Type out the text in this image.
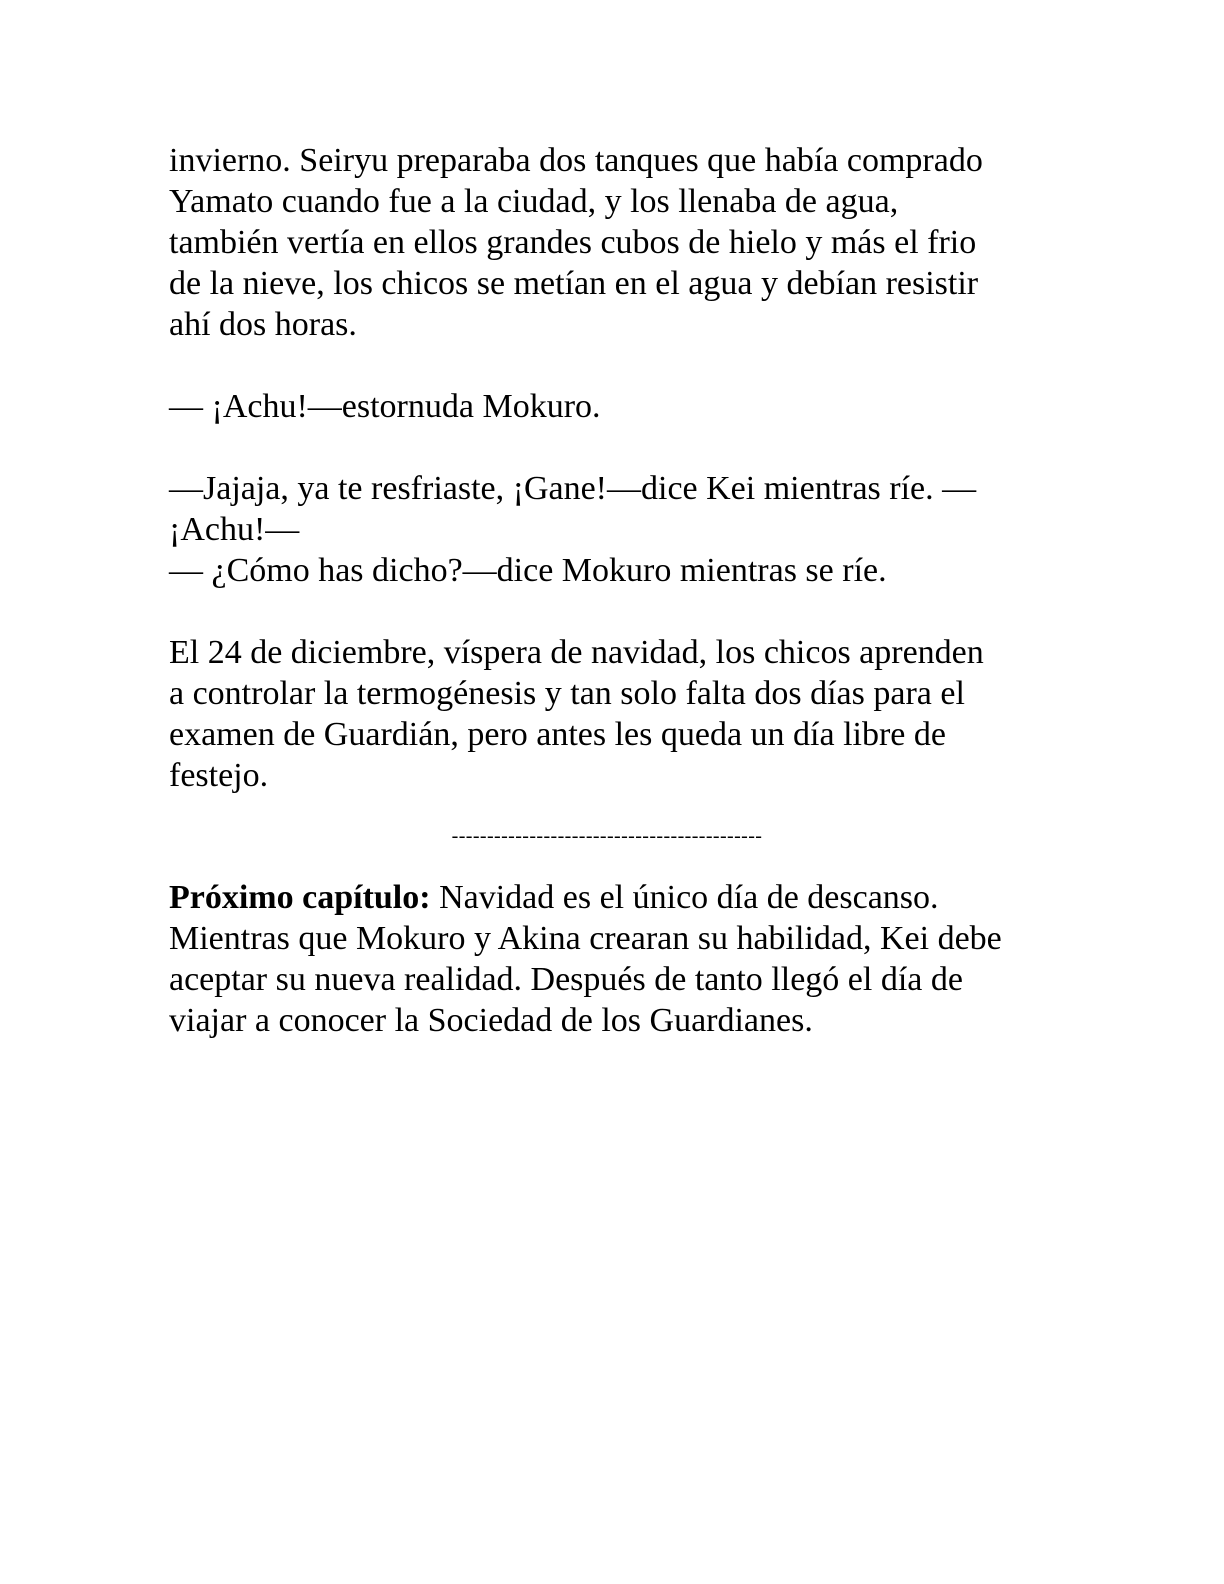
invierno. Seiryu preparaba dos tanques que había comprado
Yamato cuando fue a la ciudad, y los llenaba de agua,
también vertía en ellos grandes cubos de hielo y más el frio
de la nieve, los chicos se metían en el agua y debían resistir
ahí dos horas.

— ¡Achu!—estornuda Mokuro.

—Jajaja, ya te resfriaste, ¡Gane!—dice Kei mientras ríe. —
¡Achu!—
— ¿Cómo has dicho?—dice Mokuro mientras se ríe.

El 24 de diciembre, víspera de navidad, los chicos aprenden
a controlar la termogénesis y tan solo falta dos días para el
examen de Guardián, pero antes les queda un día libre de
festejo.

--------------------------------------------

Próximo capítulo: Navidad es el único día de descanso.
Mientras que Mokuro y Akina crearan su habilidad, Kei debe
aceptar su nueva realidad. Después de tanto llegó el día de
viajar a conocer la Sociedad de los Guardianes.
